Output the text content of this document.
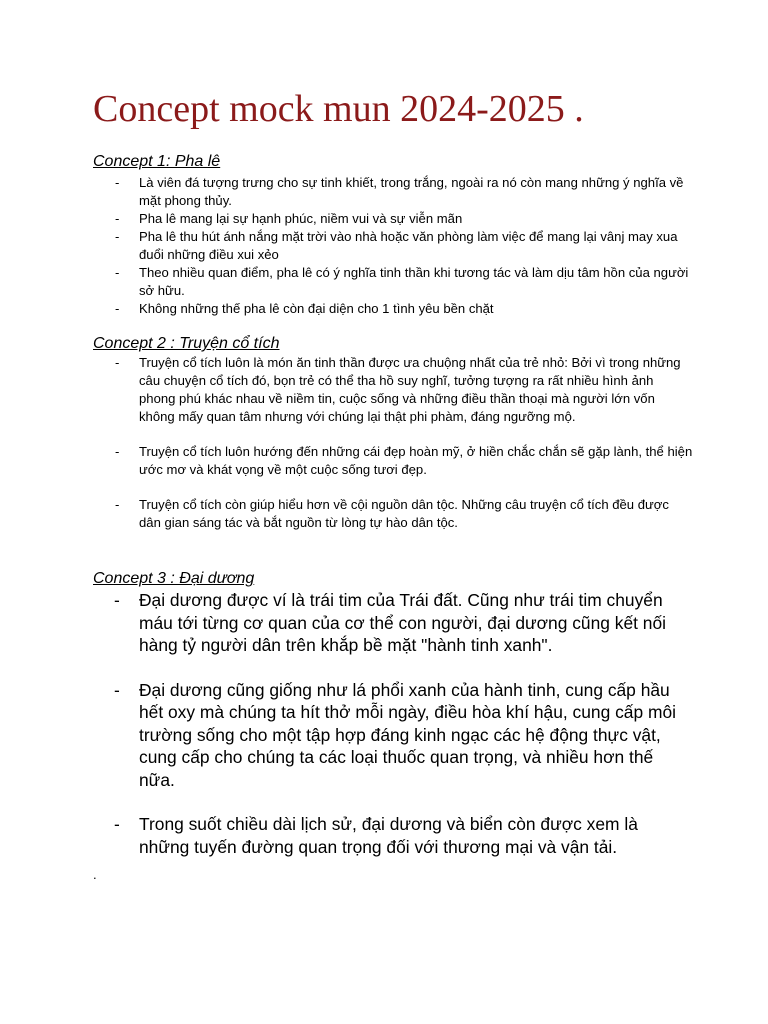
Concept mock mun 2024-2025 .
Concept 1: Pha lê
- Là viên đá tượng trưng cho sự tinh khiết, trong trắng, ngoài ra nó còn mang những ý nghĩa về mặt phong thủy.
- Pha lê mang lại sự hạnh phúc, niềm vui và sự viễn mãn
- Pha lê thu hút ánh nắng mặt trời vào nhà hoặc văn phòng làm việc để mang lại vânj may xua đuổi những điều xui xẻo
- Theo nhiều quan điểm, pha lê có ý nghĩa tinh thần khi tương tác và làm dịu tâm hồn của người sở hữu.
- Không những thế pha lê còn đại diện cho 1 tình yêu bền chặt
Concept 2 : Truyện cổ tích
- Truyện cổ tích luôn là món ăn tinh thần được ưa chuộng nhất của trẻ nhỏ: Bởi vì trong những câu chuyện cổ tích đó, bọn trẻ có thể tha hồ suy nghĩ, tưởng tượng ra rất nhiều hình ảnh phong phú khác nhau về niềm tin, cuộc sống và những điều thần thoại mà người lớn vốn không mấy quan tâm nhưng với chúng lại thật phi phàm, đáng ngưỡng mộ.
- Truyện cổ tích luôn hướng đến những cái đẹp hoàn mỹ, ở hiền chắc chắn sẽ gặp lành, thể hiện ước mơ và khát vọng về một cuộc sống tươi đẹp.
- Truyện cổ tích còn giúp hiểu hơn về cội nguồn dân tộc. Những câu truyện cổ tích đều được dân gian sáng tác và bắt nguồn từ lòng tự hào dân tộc.
Concept 3 : Đại dương
- Đại dương được ví là trái tim của Trái đất. Cũng như trái tim chuyển máu tới từng cơ quan của cơ thể con người, đại dương cũng kết nối hàng tỷ người dân trên khắp bề mặt "hành tinh xanh".
- Đại dương cũng giống như lá phổi xanh của hành tinh, cung cấp hầu hết oxy mà chúng ta hít thở mỗi ngày, điều hòa khí hậu, cung cấp môi trường sống cho một tập hợp đáng kinh ngạc các hệ động thực vật, cung cấp cho chúng ta các loại thuốc quan trọng, và nhiều hơn thế nữa.
- Trong suốt chiều dài lịch sử, đại dương và biển còn được xem là những tuyến đường quan trọng đối với thương mại và vận tải.
.
